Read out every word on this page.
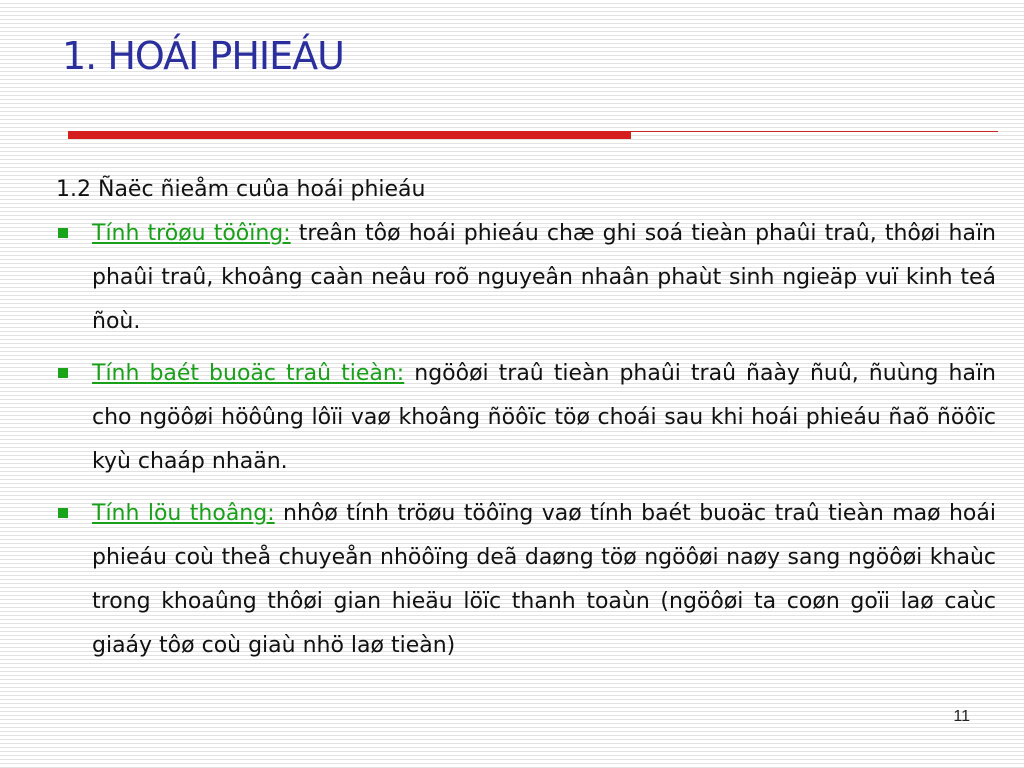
1. HOÁI PHIEÁU
1.2 Ñaëc ñieåm cuûa hoái phieáu
Tính tröøu töôïng: treân tôø hoái phieáu chæ ghi soá tieàn phaûi traû, thôøi haïn phaûi traû, khoâng caàn neâu roõ nguyeân nhaân phaùt sinh ngieäp vuï kinh teá ñoù.
Tính baét buoäc traû tieàn: ngöôøi traû tieàn phaûi traû ñaày ñuû, ñuùng haïn cho ngöôøi höôûng lôïi vaø khoâng ñöôïc töø choái sau khi hoái phieáu ñaõ ñöôïc kyù chaáp nhaän.
Tính löu thoâng: nhôø tính tröøu töôïng vaø tính baét buoäc traû tieàn maø hoái phieáu coù theå chuyeån nhöôïng deã daøng töø ngöôøi naøy sang ngöôøi khaùc trong khoaûng thôøi gian hieäu löïc thanh toaùn (ngöôøi ta coøn goïi laø caùc giaáy tôø coù giaù nhö laø tieàn)
11
